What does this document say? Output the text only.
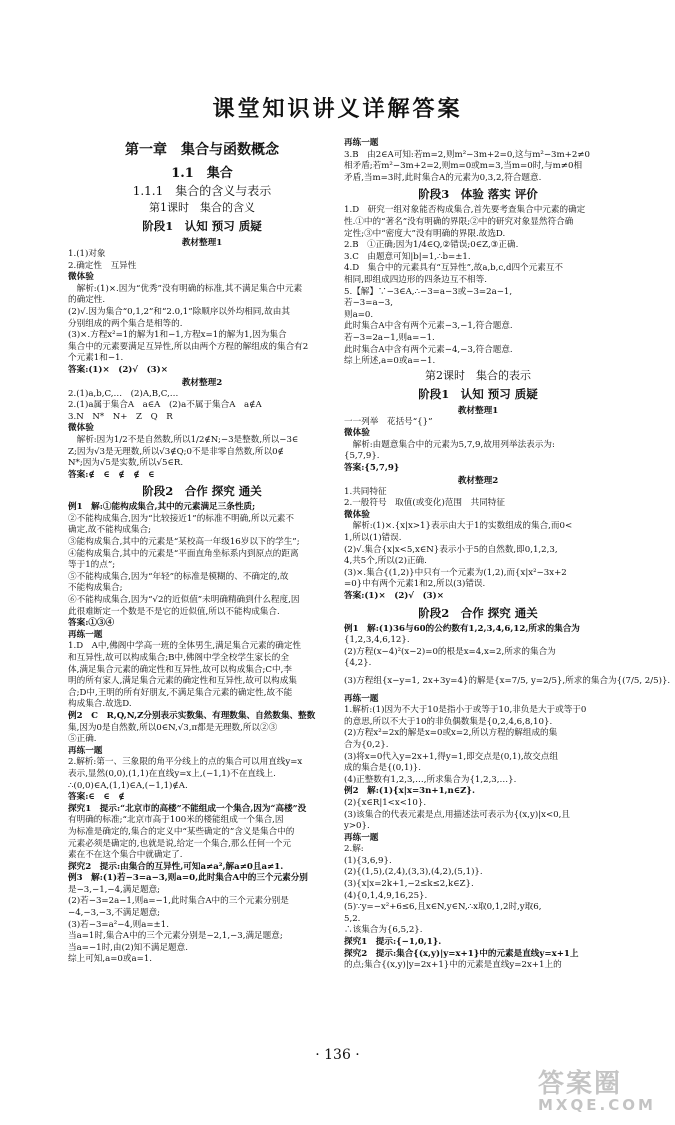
课堂知识讲义详解答案
第一章　集合与函数概念
1.1　集合
1.1.1　集合的含义与表示
第1课时　集合的含义
阶段1　认知 预习 质疑
教材整理1
1.(1)对象
2.确定性　互异性
微体验
　解析:(1)×.因为“优秀”没有明确的标准,其不满足集合中元素
的确定性.
(2)√.因为集合“0,1,2”和“2.0,1”除顺序以外均相同,故由其
分别组成的两个集合是相等的.
(3)×.方程x²=1的解为1和−1,方程x=1的解为1,因为集合
集合中的元素要满足互异性,所以由两个方程的解组成的集合有2
个元素1和−1.
答案:(1)×　(2)√　(3)×
教材整理2
2.(1)a,b,C,…　(2)A,B,C,…
2.(1)a属于集合A　a∈A　(2)a不属于集合A　a∉A
3.N　N*　N+　Z　Q　R
微体验
　解析:因为1/2不是自然数,所以1/2∉N;−3是整数,所以−3∈
Z;因为√3是无理数,所以√3∉Q;0不是非零自然数,所以0∉
N*;因为√5是实数,所以√5∈R.
答案:∉　∈　∉　∉　∈
阶段2　合作 探究 通关
例1　解:①能构成集合,其中的元素满足三条性质;
②不能构成集合,因为“比较接近1”的标准不明确,所以元素不
确定,故不能构成集合;
③能构成集合,其中的元素是“某校高一年级16岁以下的学生”;
④能构成集合,其中的元素是“平面直角坐标系内到原点的距离
等于1的点”;
⑤不能构成集合,因为“年轻”的标准是模糊的、不确定的,故
不能构成集合;
⑥不能构成集合,因为“√2的近似值”未明确精确到什么程度,因
此很难断定一个数是不是它的近似值,所以不能构成集合.
答案:①③④
再练一题
1.D　A中,佛阁中学高一班的全体男生,满足集合元素的确定性
和互异性,故可以构成集合;B中,佛阁中学全校学生家长的全
体,满足集合元素的确定性和互异性,故可以构成集合;C中,李
明的所有家人,满足集合元素的确定性和互异性,故可以构成集
合;D中,王明的所有好朋友,不满足集合元素的确定性,故不能
构成集合.故选D.
例2　C　R,Q,N,Z分别表示实数集、有理数集、自然数集、整数
集,因为0是自然数,所以0∈N,√3,π都是无理数,所以②③
⑤正确.
再练一题
2.解析:第一、三象限的角平分线上的点的集合可以用直线y=x
表示,显然(0,0),(1,1)在直线y=x上,(−1,1)不在直线上.
∴(0,0)∈A,(1,1)∈A,(−1,1)∉A.
答案:∈　∈　∉
探究1　提示:“北京市的高楼”不能组成一个集合,因为“高楼”没
有明确的标准;“北京市高于100米的楼能组成一个集合,因
为标准是确定的,集合的定义中“某些确定的”含义是集合中的
元素必须是确定的,也就是说,给定一个集合,那么任何一个元
素在不在这个集合中就确定了.
探究2　提示:由集合的互异性,可知a≠a²,解a≠0且a≠1.
例3　解:(1)若−3=a−3,则a=0,此时集合A中的三个元素分别
是−3,−1,−4,满足题意;
(2)若−3=2a−1,则a=−1,此时集合A中的三个元素分别是
−4,−3,−3,不满足题意;
(3)若−3=a²−4,则a=±1.
当a=1时,集合A中的三个元素分别是−2,1,−3,满足题意;
当a=−1时,由(2)知不满足题意.
综上可知,a=0或a=1.
再练一题
3.B　由2∈A可知:若m=2,则m²−3m+2=0,这与m²−3m+2≠0
相矛盾;若m²−3m+2=2,则m=0或m=3,当m=0时,与m≠0相
矛盾,当m=3时,此时集合A的元素为0,3,2,符合题意.
阶段3　体验 落实 评价
1.D　研究一组对象能否构成集合,首先要考查集合中元素的确定
性.①中的“著名”没有明确的界限;②中的研究对象显然符合确
定性;③中“密度大”没有明确的界限.故选D.
2.B　①正确;因为1/4∈Q,②错误;0∈Z,③正确.
3.C　由题意可知|b|=1,∴b=±1.
4.D　集合中的元素具有“互异性”,故a,b,c,d四个元素互不
相同,即组成四边形的四条边互不相等.
5.【解】∵−3∈A,∴−3=a−3或−3=2a−1,
若−3=a−3,
则a=0.
此时集合A中含有两个元素−3,−1,符合题意.
若−3=2a−1,则a=−1.
此时集合A中含有两个元素−4,−3,符合题意.
综上所述,a=0或a=−1.
第2课时　集合的表示
阶段1　认知 预习 质疑
教材整理1
一一列举　花括号“{}”
微体验
　解析:由题意集合中的元素为5,7,9,故用列举法表示为:
{5,7,9}.
答案:{5,7,9}
教材整理2
1.共同特征
2.一般符号　取值(或变化)范围　共同特征
微体验
　解析:(1)×.{x|x>1}表示由大于1的实数组成的集合,而0<
1,所以(1)错误.
(2)√.集合{x|x<5,x∈N}表示小于5的自然数,即0,1,2,3,
4,共5个,所以(2)正确.
(3)×.集合{(1,2)}中只有一个元素为(1,2),而{x|x²−3x+2
=0}中有两个元素1和2,所以(3)错误.
答案:(1)×　(2)√　(3)×
阶段2　合作 探究 通关
例1　解:(1)36与60的公约数有1,2,3,4,6,12,所求的集合为
{1,2,3,4,6,12}.
(2)方程(x−4)²(x−2)=0的根是x=4,x=2,所求的集合为
{4,2}.
(3)方程组{x−y=1, 2x+3y=4}的解是{x=7/5, y=2/5},所求的集合为{(7/5, 2/5)}.
再练一题
1.解析:(1)因为不大于10是指小于或等于10,非负是大于或等于0
的意思,所以不大于10的非负偶数集是{0,2,4,6,8,10}.
(2)方程x²=2x的解是x=0或x=2,所以方程的解组成的集
合为{0,2}.
(3)将x=0代入y=2x+1,得y=1,即交点是(0,1),故交点组
成的集合是{(0,1)}.
(4)正整数有1,2,3,…,所求集合为{1,2,3,…}.
例2　解:(1){x|x=3n+1,n∈Z}.
(2){x∈R|1<x<10}.
(3)该集合的代表元素是点,用描述法可表示为{(x,y)|x<0,且
y>0}.
再练一题
2.解:
(1){3,6,9}.
(2){(1,5),(2,4),(3,3),(4,2),(5,1)}.
(3){x|x=2k+1,−2≤k≤2,k∈Z}.
(4){0,1,4,9,16,25}.
(5)∵y=−x²+6≤6,且x∈N,y∈N,∴x取0,1,2时,y取6,
5,2.
∴该集合为{6,5,2}.
探究1　提示:{−1,0,1}.
探究2　提示:集合{(x,y)|y=x+1}中的元素是直线y=x+1上
的点;集合{(x,y)|y=2x+1}中的元素是直线y=2x+1上的
· 136 ·
答案圈
MXQE.COM
